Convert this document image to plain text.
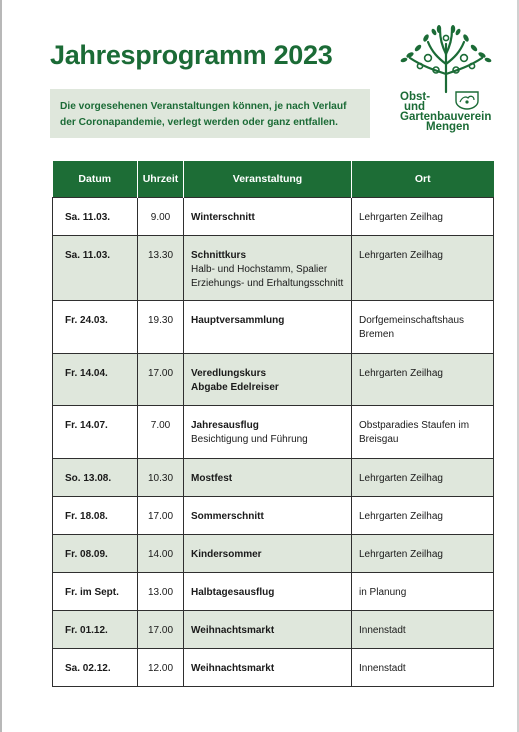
Jahresprogramm 2023

Die vorgesehenen Veranstaltungen können, je nach Verlauf der Coronapandemie, verlegt werden oder ganz entfallen.

Obst-
und
Gartenbauverein
Mengen
Datum	Uhrzeit	Veranstaltung	Ort
Sa. 11.03.	9.00	Winterschnitt	Lehrgarten Zeilhag
Sa. 11.03.	13.30	Schnittkurs
Halb- und Hochstamm, Spalier
Erziehungs- und Erhaltungsschnitt	Lehrgarten Zeilhag
Fr. 24.03.	19.30	Hauptversammlung	Dorfgemeinschaftshaus Bremen
Fr. 14.04.	17.00	Veredlungskurs
Abgabe Edelreiser	Lehrgarten Zeilhag
Fr. 14.07.	7.00	Jahresausflug
Besichtigung und Führung	Obstparadies Staufen im Breisgau
So. 13.08.	10.30	Mostfest	Lehrgarten Zeilhag
Fr. 18.08.	17.00	Sommerschnitt	Lehrgarten Zeilhag
Fr. 08.09.	14.00	Kindersommer	Lehrgarten Zeilhag
Fr. im Sept.	13.00	Halbtagesausflug	in Planung
Fr. 01.12.	17.00	Weihnachtsmarkt	Innenstadt
Sa. 02.12.	12.00	Weihnachtsmarkt	Innenstadt
